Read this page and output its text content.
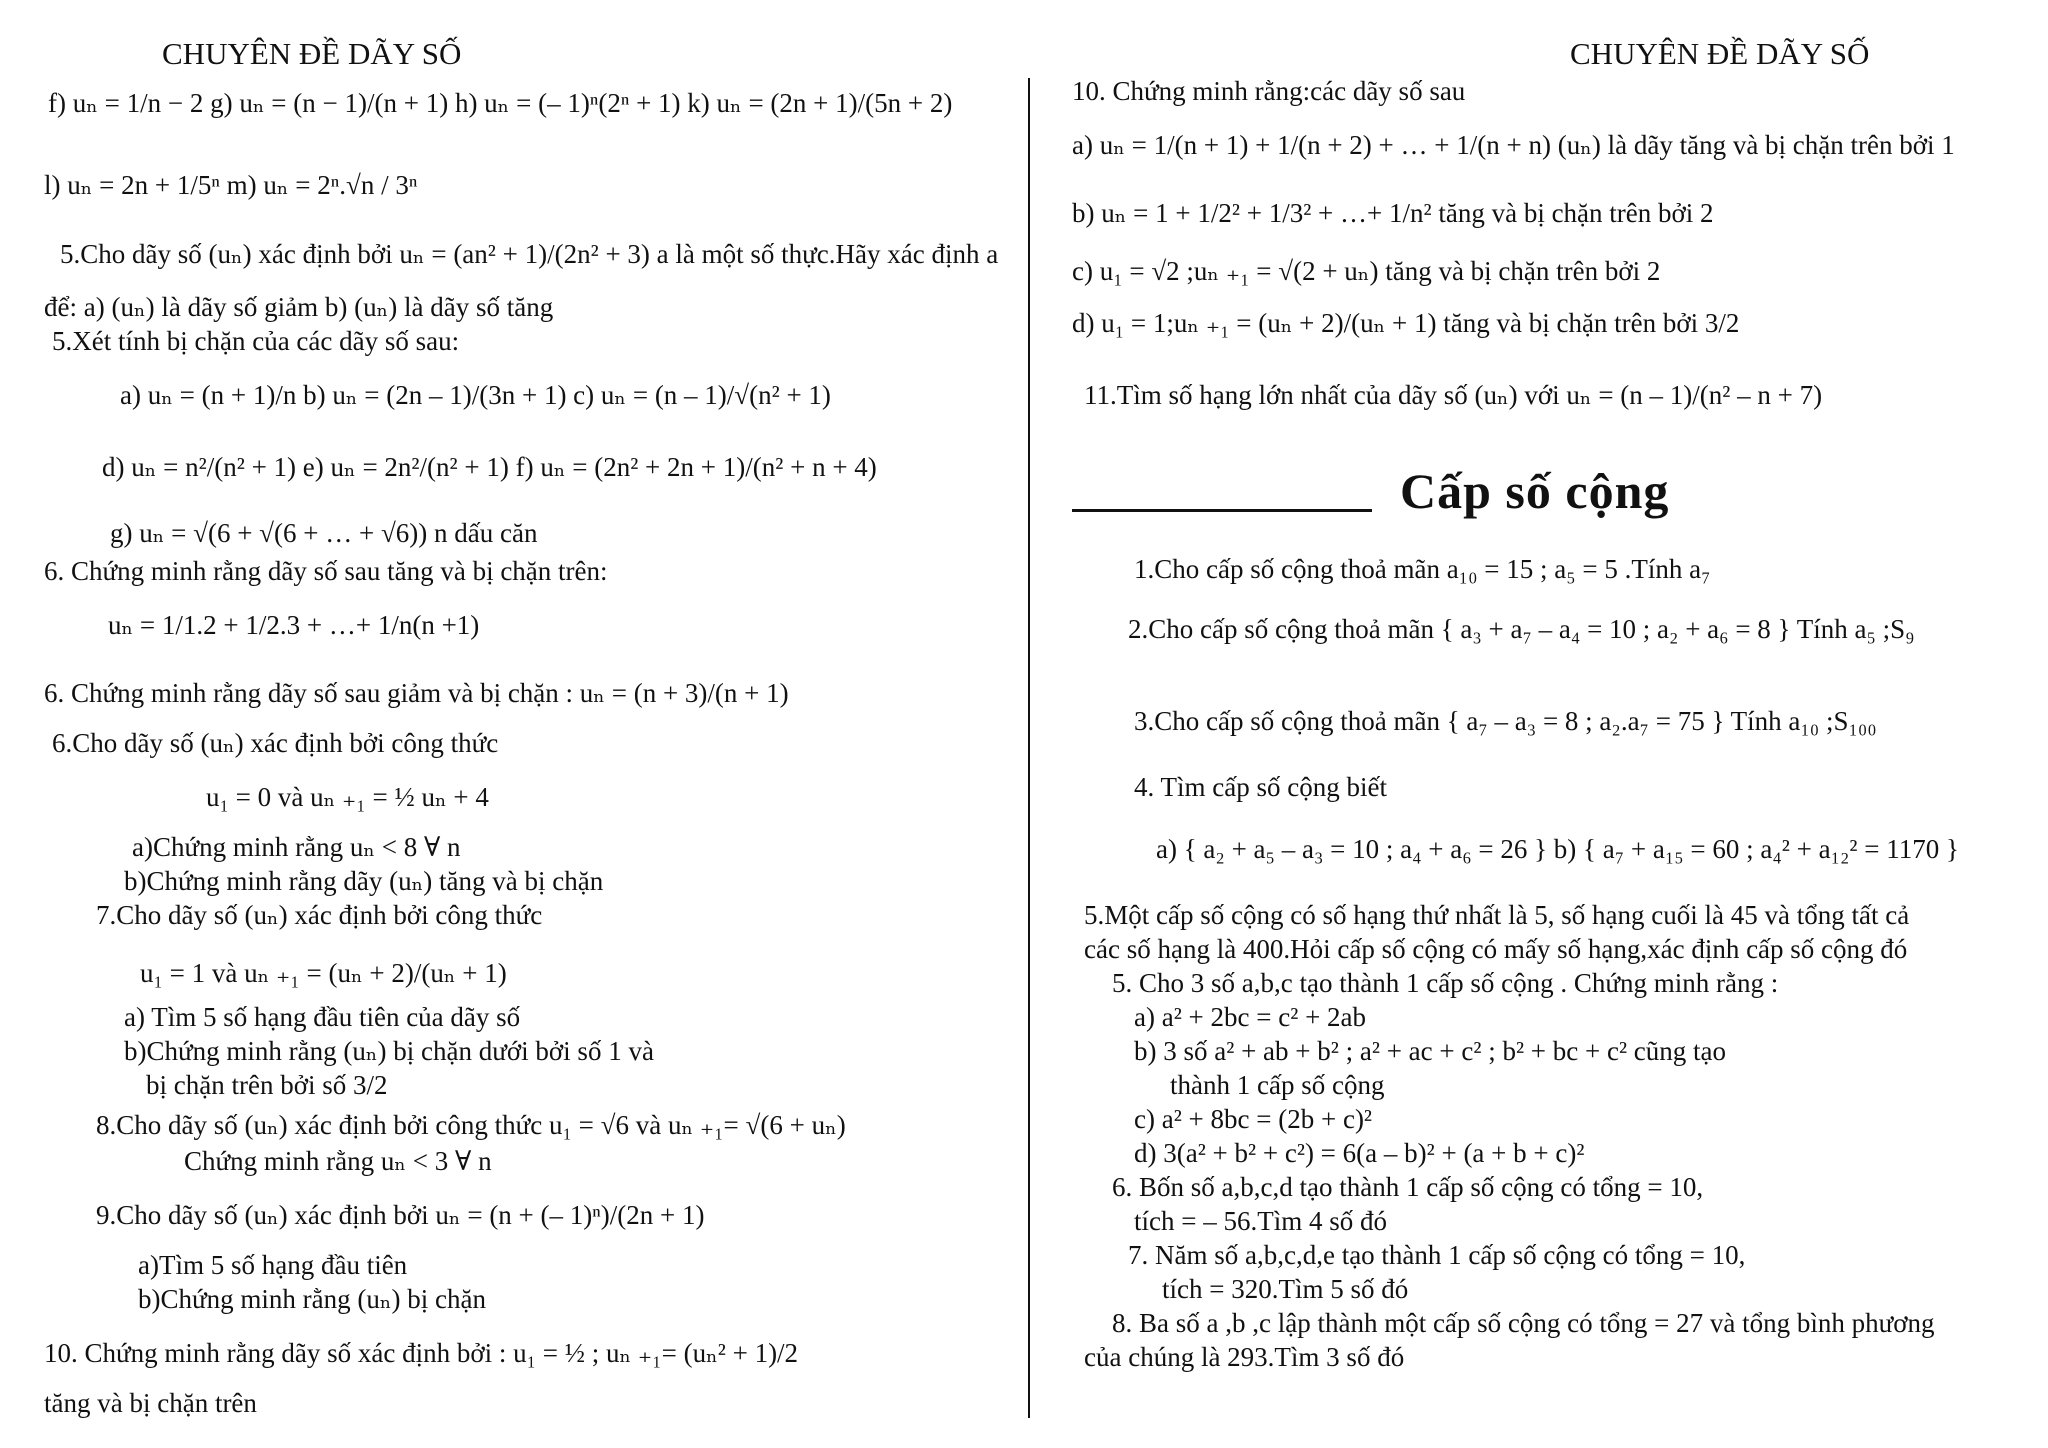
CHUYÊN ĐỀ DÃY SỐ	CHUYÊN ĐỀ DÃY SỐ
f) uₙ = 1/n − 2 g) uₙ = (n − 1)/(n + 1) h) uₙ = (– 1)ⁿ(2ⁿ + 1) k) uₙ = (2n + 1)/(5n + 2)
l) uₙ = 2n + 1/5ⁿ m) uₙ = 2ⁿ.√n / 3ⁿ
5.Cho dãy số (uₙ) xác định bởi uₙ = (an² + 1)/(2n² + 3) a là một số thực.Hãy xác định a
để: a) (uₙ) là dãy số giảm b) (uₙ) là dãy số tăng
5.Xét tính bị chặn của các dãy số sau:
a) uₙ = (n + 1)/n b) uₙ = (2n – 1)/(3n + 1) c) uₙ = (n – 1)/√(n² + 1)
d) uₙ = n²/(n² + 1) e) uₙ = 2n²/(n² + 1) f) uₙ = (2n² + 2n + 1)/(n² + n + 4)
g) uₙ = √(6 + √(6 + … + √6)) n dấu căn
6. Chứng minh rằng dãy số sau tăng và bị chặn trên:
uₙ = 1/1.2 + 1/2.3 + …+ 1/n(n +1)
6. Chứng minh rằng dãy số sau giảm và bị chặn : uₙ = (n + 3)/(n + 1)
6.Cho dãy số (uₙ) xác định bởi công thức
u₁ = 0 và uₙ ₊₁ = ½ uₙ + 4
a)Chứng minh rằng uₙ < 8 ∀ n
b)Chứng minh rằng dãy (uₙ) tăng và bị chặn
7.Cho dãy số (uₙ) xác định bởi công thức
u₁ = 1 và uₙ ₊₁ = (uₙ + 2)/(uₙ + 1)
a) Tìm 5 số hạng đầu tiên của dãy số
b)Chứng minh rằng (uₙ) bị chặn dưới bởi số 1 và
bị chặn trên bởi số 3/2
8.Cho dãy số (uₙ) xác định bởi công thức u₁ = √6 và uₙ ₊₁= √(6 + uₙ)
Chứng minh rằng uₙ < 3 ∀ n
9.Cho dãy số (uₙ) xác định bởi uₙ = (n + (– 1)ⁿ)/(2n + 1)
a)Tìm 5 số hạng đầu tiên
b)Chứng minh rằng (uₙ) bị chặn
10. Chứng minh rằng dãy số xác định bởi : u₁ = ½ ; uₙ ₊₁= (uₙ² + 1)/2
tăng và bị chặn trên
10. Chứng minh rằng:các dãy số sau
a) uₙ = 1/(n + 1) + 1/(n + 2) + … + 1/(n + n) (uₙ) là dãy tăng và bị chặn trên bởi 1
b) uₙ = 1 + 1/2² + 1/3² + …+ 1/n² tăng và bị chặn trên bởi 2
c) u₁ = √2 ;uₙ ₊₁ = √(2 + uₙ) tăng và bị chặn trên bởi 2
d) u₁ = 1;uₙ ₊₁ = (uₙ + 2)/(uₙ + 1) tăng và bị chặn trên bởi 3/2
11.Tìm số hạng lớn nhất của dãy số (uₙ) với uₙ = (n – 1)/(n² – n + 7)
Cấp số cộng
1.Cho cấp số cộng thoả mãn a₁₀ = 15 ; a₅ = 5 .Tính a₇
2.Cho cấp số cộng thoả mãn { a₃ + a₇ – a₄ = 10 ; a₂ + a₆ = 8 } Tính a₅ ;S₉
3.Cho cấp số cộng thoả mãn { a₇ – a₃ = 8 ; a₂.a₇ = 75 } Tính a₁₀ ;S₁₀₀
4. Tìm cấp số cộng biết
a) { a₂ + a₅ – a₃ = 10 ; a₄ + a₆ = 26 } b) { a₇ + a₁₅ = 60 ; a₄² + a₁₂² = 1170 }
5.Một cấp số cộng có số hạng thứ nhất là 5, số hạng cuối là 45 và tổng tất cả
các số hạng là 400.Hỏi cấp số cộng có mấy số hạng,xác định cấp số cộng đó
5. Cho 3 số a,b,c tạo thành 1 cấp số cộng . Chứng minh rằng :
a) a² + 2bc = c² + 2ab
b) 3 số a² + ab + b² ; a² + ac + c² ; b² + bc + c² cũng tạo
thành 1 cấp số cộng
c) a² + 8bc = (2b + c)²
d) 3(a² + b² + c²) = 6(a – b)² + (a + b + c)²
6. Bốn số a,b,c,d tạo thành 1 cấp số cộng có tổng = 10,
tích = – 56.Tìm 4 số đó
7. Năm số a,b,c,d,e tạo thành 1 cấp số cộng có tổng = 10,
tích = 320.Tìm 5 số đó
8. Ba số a ,b ,c lập thành một cấp số cộng có tổng = 27 và tổng bình phương
của chúng là 293.Tìm 3 số đó
